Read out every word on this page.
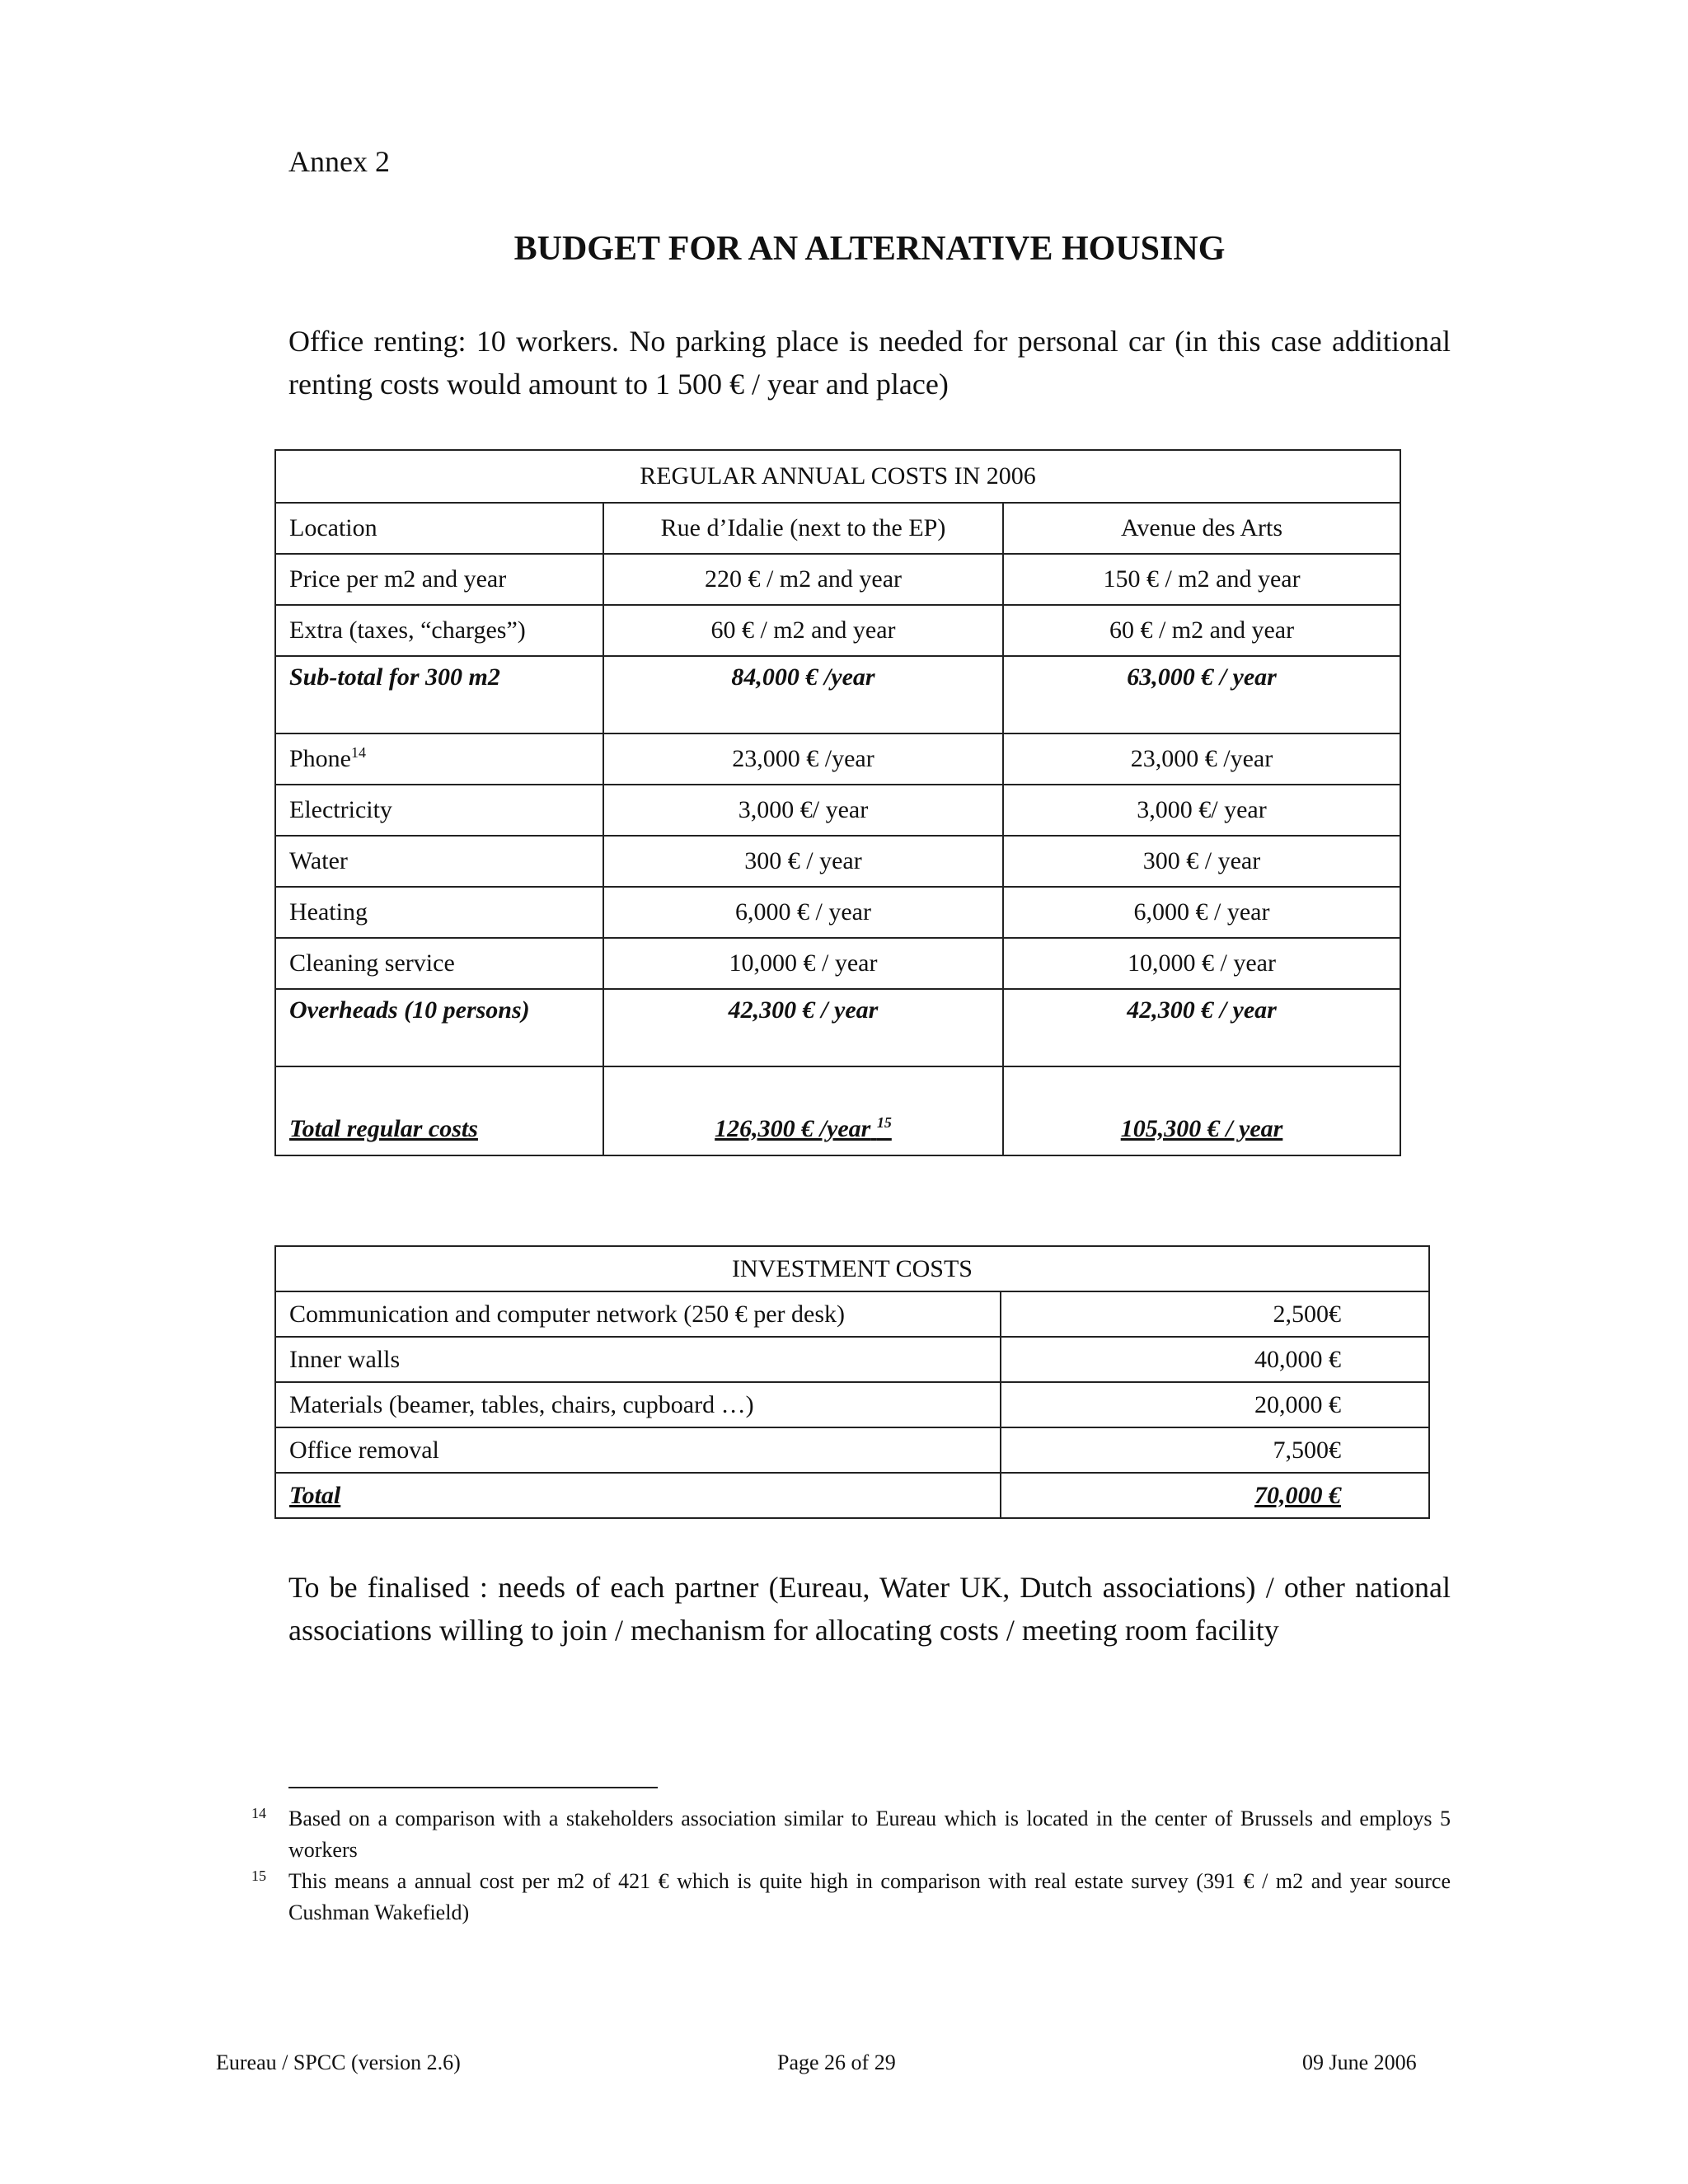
Annex 2
BUDGET FOR AN ALTERNATIVE HOUSING
Office renting: 10 workers. No parking place is needed for personal car (in this case additional renting costs would amount to 1 500 € / year and place)
REGULAR ANNUAL COSTS IN 2006		
Location	Rue d’Idalie (next to the EP)	Avenue des Arts
Price per m2 and year	220 € / m2 and year	150 € / m2 and year
Extra (taxes, “charges”)	60 € / m2 and year	60 € / m2 and year
Sub-total for 300 m2	84,000 € /year	63,000 € / year
Phone$^{14}$	23,000 € /year	23,000 € /year
Electricity	3,000 €/ year	3,000 €/ year
Water	300 € / year	300 € / year
Heating	6,000 € / year	6,000 € / year
Cleaning service	10,000 € / year	10,000 € / year
Overheads (10 persons)	42,300 € / year	42,300 € / year
Total regular costs	126,300 € /year $^{15}$	105,300 € / year
INVESTMENT COSTS	
Communication and computer network (250 € per desk)	2,500€
Inner walls	40,000 €
Materials (beamer, tables, chairs, cupboard …)	20,000 €
Office removal	7,500€
Total	70,000 €
To be finalised : needs of each partner (Eureau, Water UK, Dutch associations) / other national associations willing to join / mechanism for allocating costs / meeting room facility
14 Based on a comparison with a stakeholders association similar to Eureau which is located in the center of Brussels and employs 5 workers
15 This means a annual cost per m2 of 421 € which is quite high in comparison with real estate survey (391 € / m2 and year source Cushman Wakefield)
Eureau / SPCC (version 2.6)	Page 26 of 29	09 June 2006
